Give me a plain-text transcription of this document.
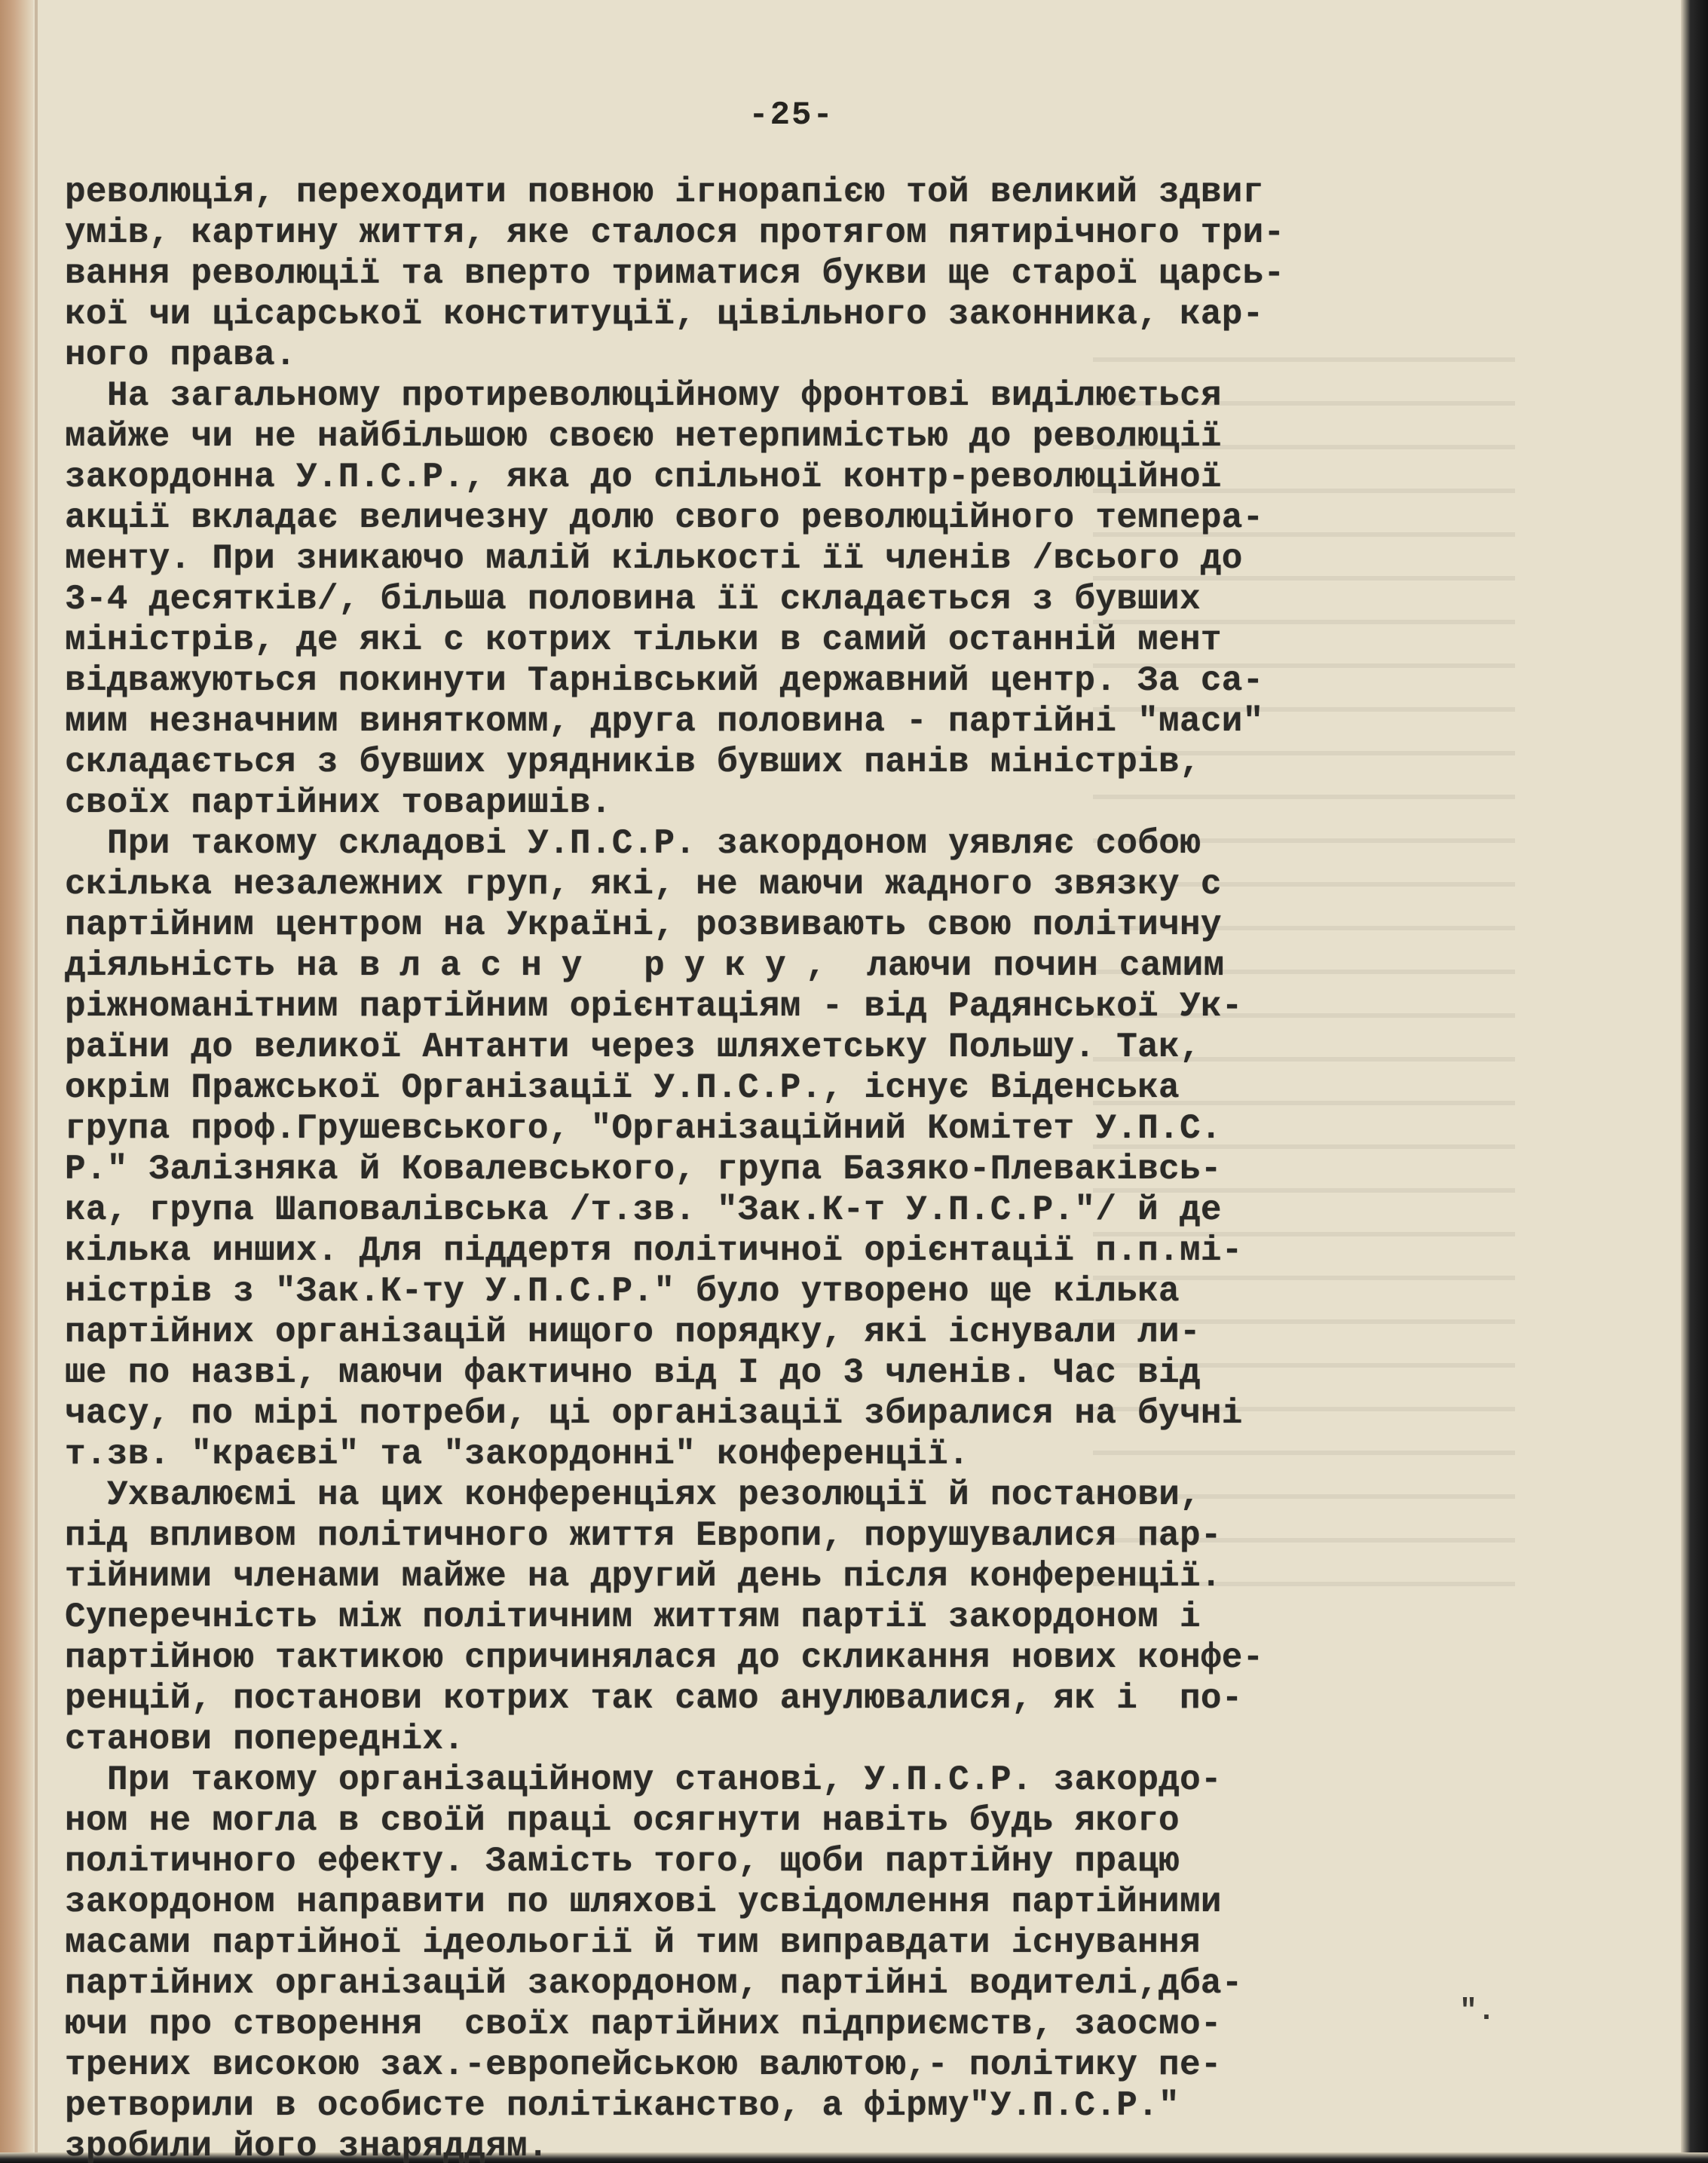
-25-
революція, переходити повною ігнорапією той великий здвиг
умів, картину життя, яке сталося протягом пятирічного три-
вання революції та вперто триматися букви ще старої царсь-
кої чи цісарської конституції, цівільного законника, кар-
ного права.
На загальному протиреволюційному фронтові виділюється
майже чи не найбільшою своєю нетерпимістью до революції
закордонна У.П.С.Р., яка до спільної контр-революційної
акції вкладає величезну долю свого революційного темпера-
менту. При зникаючо малій кількості її членів /всього до
3-4 десятків/, більша половина її складається з бувших
міністрів, де які с котрих тільки в самий останній мент
відважуються покинути Тарнівський державний центр. За са-
мим незначним виняткомм, друга половина - партійні "маси"
складається з бувших урядників бувших панів міністрів,
своїх партійних товаришів.
При такому складові У.П.С.Р. закордоном уявляє собою
скілька незалежних груп, які, не маючи жадного звязку с
партійним центром на Україні, розвивають свою політичну
діяльність на власну руку, лаючи почин самим
ріжноманітним партійним орієнтаціям - від Радянської Ук-
раїни до великої Антанти через шляхетську Польшу. Так,
окрім Пражської Організації У.П.С.Р., існує Віденська
група проф.Грушевського, "Організаційний Комітет У.П.С.
Р." Залізняка й Ковалевського, група Базяко-Плеваківсь-
ка, група Шаповалівська /т.зв. "Зак.К-т У.П.С.Р."/ й де
кілька инших. Для піддертя політичної орієнтації п.п.мі-
ністрів з "Зак.К-ту У.П.С.Р." було утворено ще кілька
партійних організацій нищого порядку, які існували ли-
ше по назві, маючи фактично від І до 3 членів. Час від
часу, по мірі потреби, ці організації збиралися на бучні
т.зв. "краєві" та "закордонні" конференції.
Ухвалюємі на цих конференціях резолюції й постанови,
під впливом політичного життя Европи, порушувалися пар-
тійними членами майже на другий день після конференції.
Суперечність між політичним життям партії закордоном і
партійною тактикою спричинялася до скликання нових конфе-
ренцій, постанови котрих так само анулювалися, як і  по-
станови попередніх.
При такому організаційному станові, У.П.С.Р. закордо-
ном не могла в своїй праці осягнути навіть будь якого
політичного ефекту. Замість того, щоби партійну працю
закордоном направити по шляхові усвідомлення партійними
масами партійної ідеольогії й тим виправдати існування
партійних організацій закордоном, партійні водителі,дба-
ючи про створення  своїх партійних підприємств, заосмо-
трених високою зах.-европейською валютою,- політику пе-
ретворили в особисте політіканство, а фірму"У.П.С.Р."
зробили його знаряддям.
".
